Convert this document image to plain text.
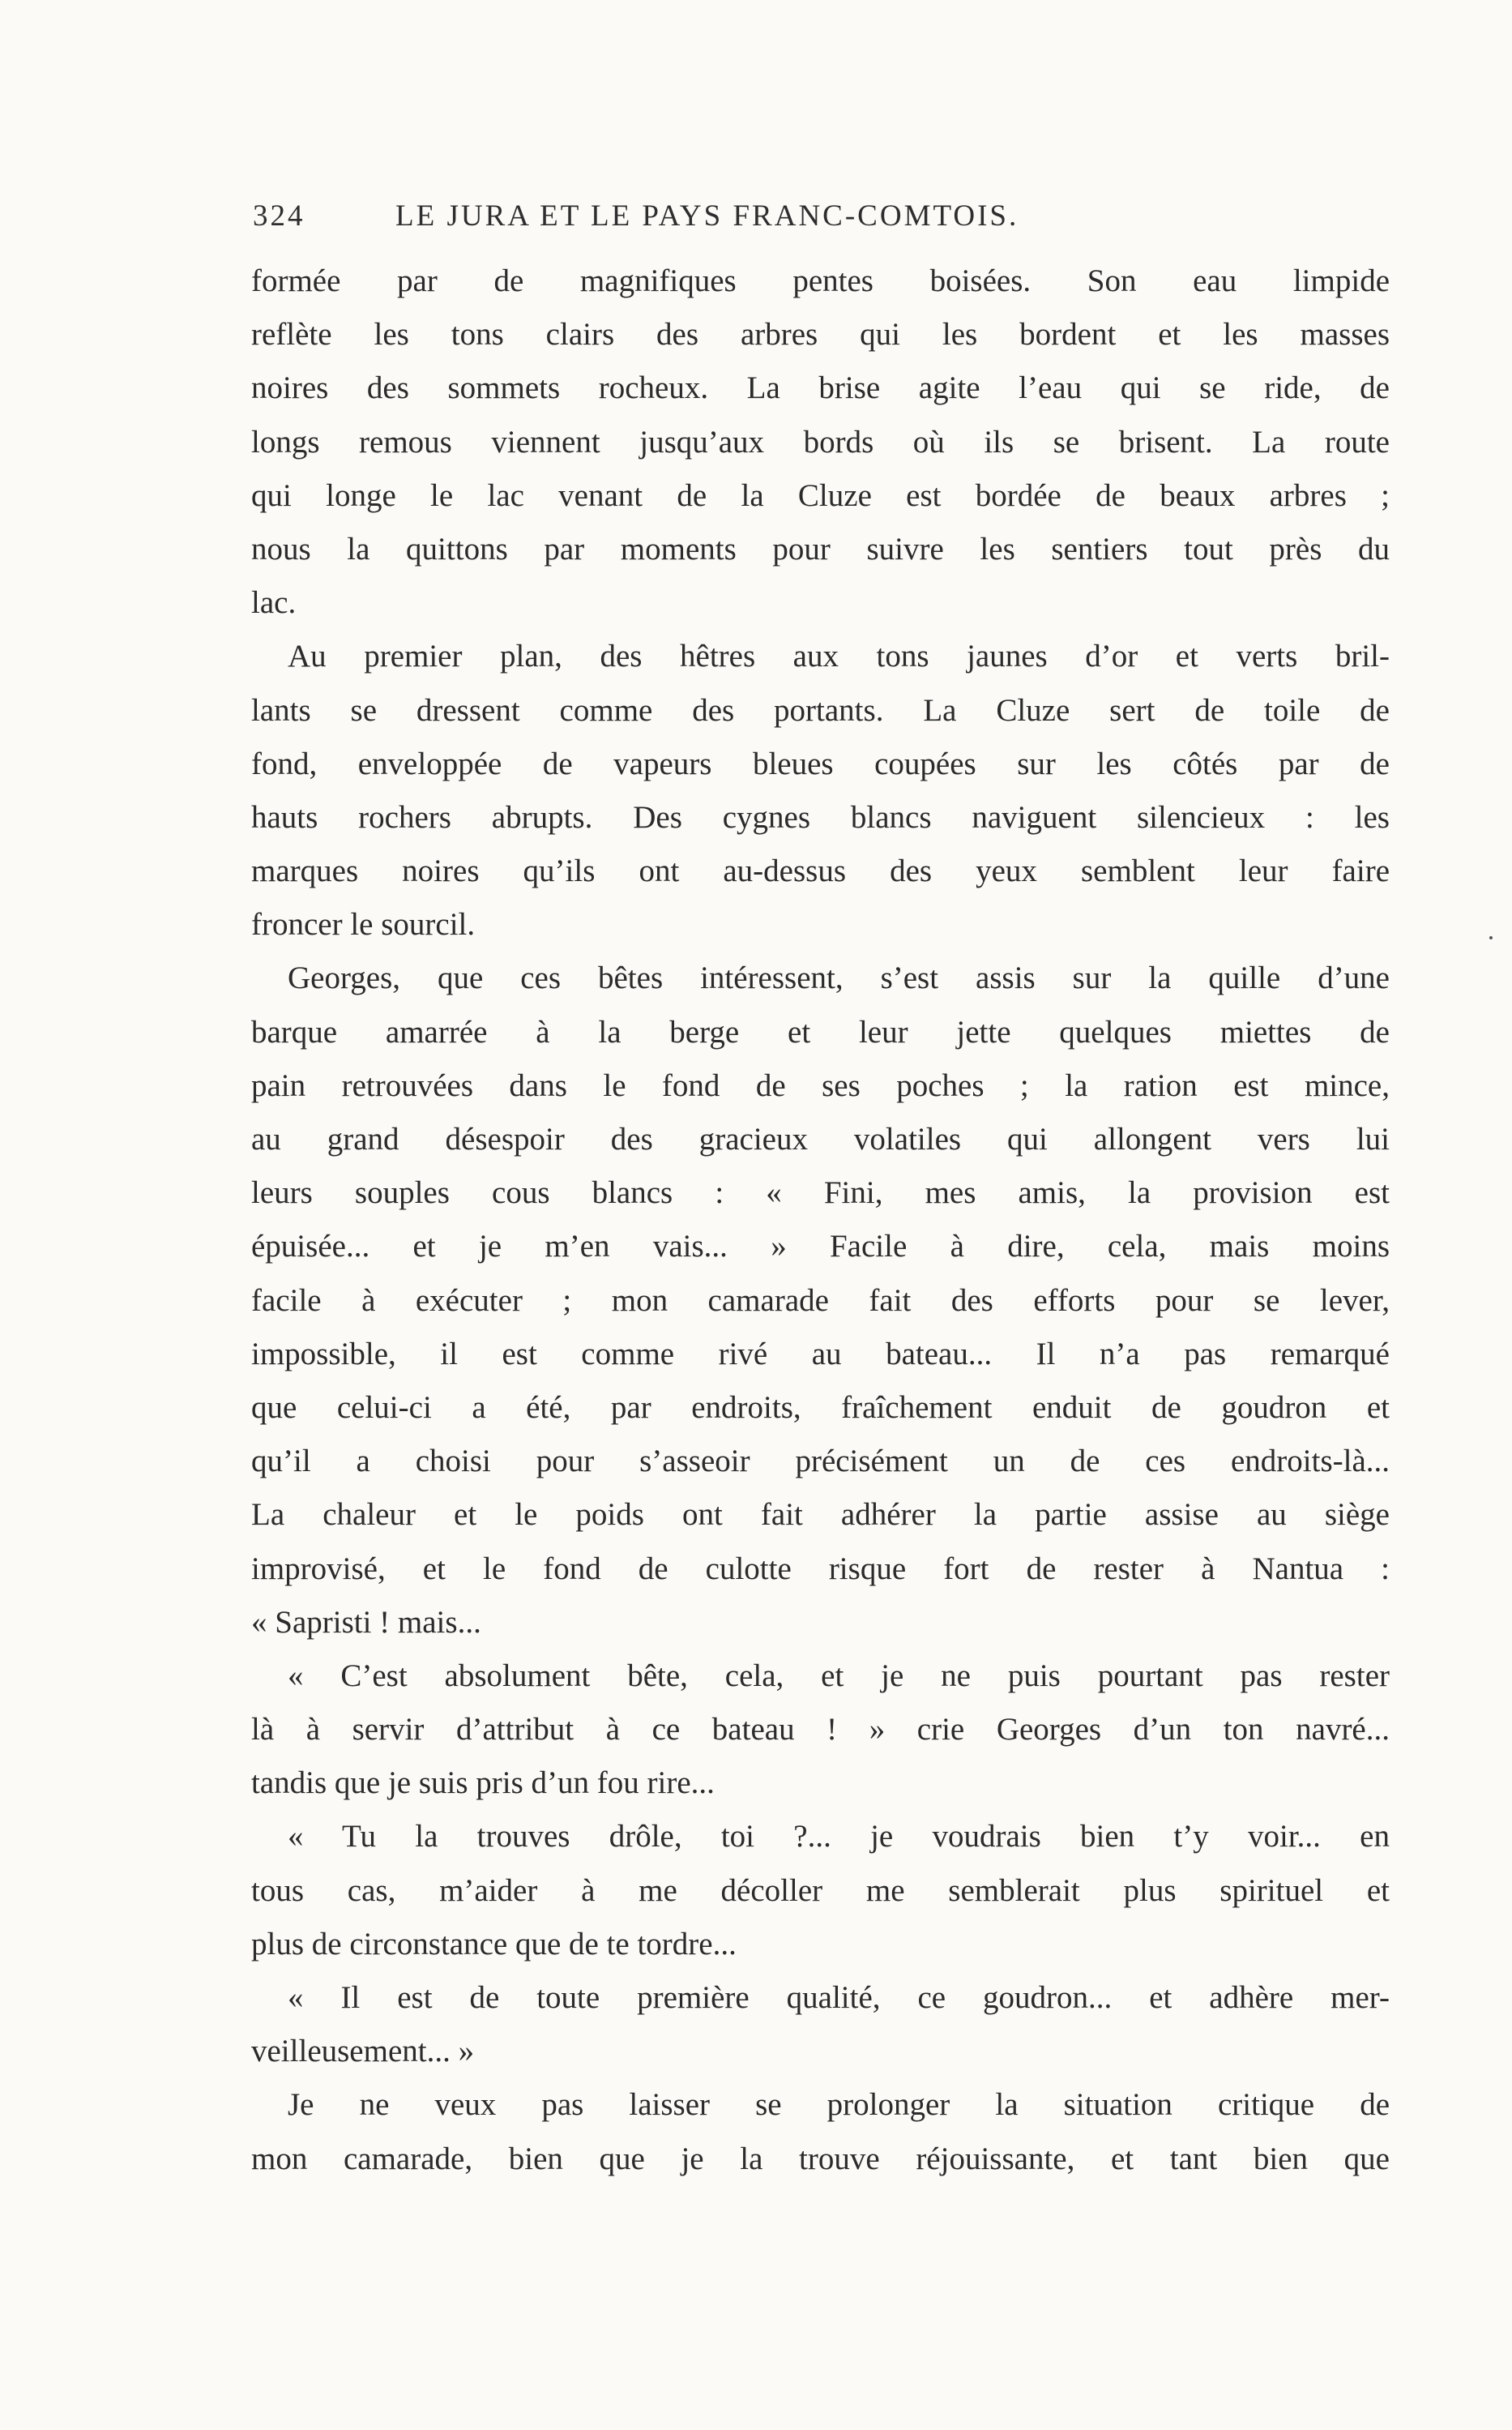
324	LE JURA ET LE PAYS FRANC-COMTOIS.
formée par de magnifiques pentes boisées. Son eau limpide
reflète les tons clairs des arbres qui les bordent et les masses
noires des sommets rocheux. La brise agite l’eau qui se ride, de
longs remous viennent jusqu’aux bords où ils se brisent. La route
qui longe le lac venant de la Cluze est bordée de beaux arbres ;
nous la quittons par moments pour suivre les sentiers tout près du
lac.
Au premier plan, des hêtres aux tons jaunes d’or et verts bril-
lants se dressent comme des portants. La Cluze sert de toile de
fond, enveloppée de vapeurs bleues coupées sur les côtés par de
hauts rochers abrupts. Des cygnes blancs naviguent silencieux : les
marques noires qu’ils ont au-dessus des yeux semblent leur faire
froncer le sourcil.
Georges, que ces bêtes intéressent, s’est assis sur la quille d’une
barque amarrée à la berge et leur jette quelques miettes de
pain retrouvées dans le fond de ses poches ; la ration est mince,
au grand désespoir des gracieux volatiles qui allongent vers lui
leurs souples cous blancs : « Fini, mes amis, la provision est
épuisée... et je m’en vais... » Facile à dire, cela, mais moins
facile à exécuter ; mon camarade fait des efforts pour se lever,
impossible, il est comme rivé au bateau... Il n’a pas remarqué
que celui-ci a été, par endroits, fraîchement enduit de goudron et
qu’il a choisi pour s’asseoir précisément un de ces endroits-là...
La chaleur et le poids ont fait adhérer la partie assise au siège
improvisé, et le fond de culotte risque fort de rester à Nantua :
« Sapristi ! mais...
« C’est absolument bête, cela, et je ne puis pourtant pas rester
là à servir d’attribut à ce bateau ! » crie Georges d’un ton navré...
tandis que je suis pris d’un fou rire...
« Tu la trouves drôle, toi ?... je voudrais bien t’y voir... en
tous cas, m’aider à me décoller me semblerait plus spirituel et
plus de circonstance que de te tordre...
« Il est de toute première qualité, ce goudron... et adhère mer-
veilleusement... »
Je ne veux pas laisser se prolonger la situation critique de
mon camarade, bien que je la trouve réjouissante, et tant bien que
